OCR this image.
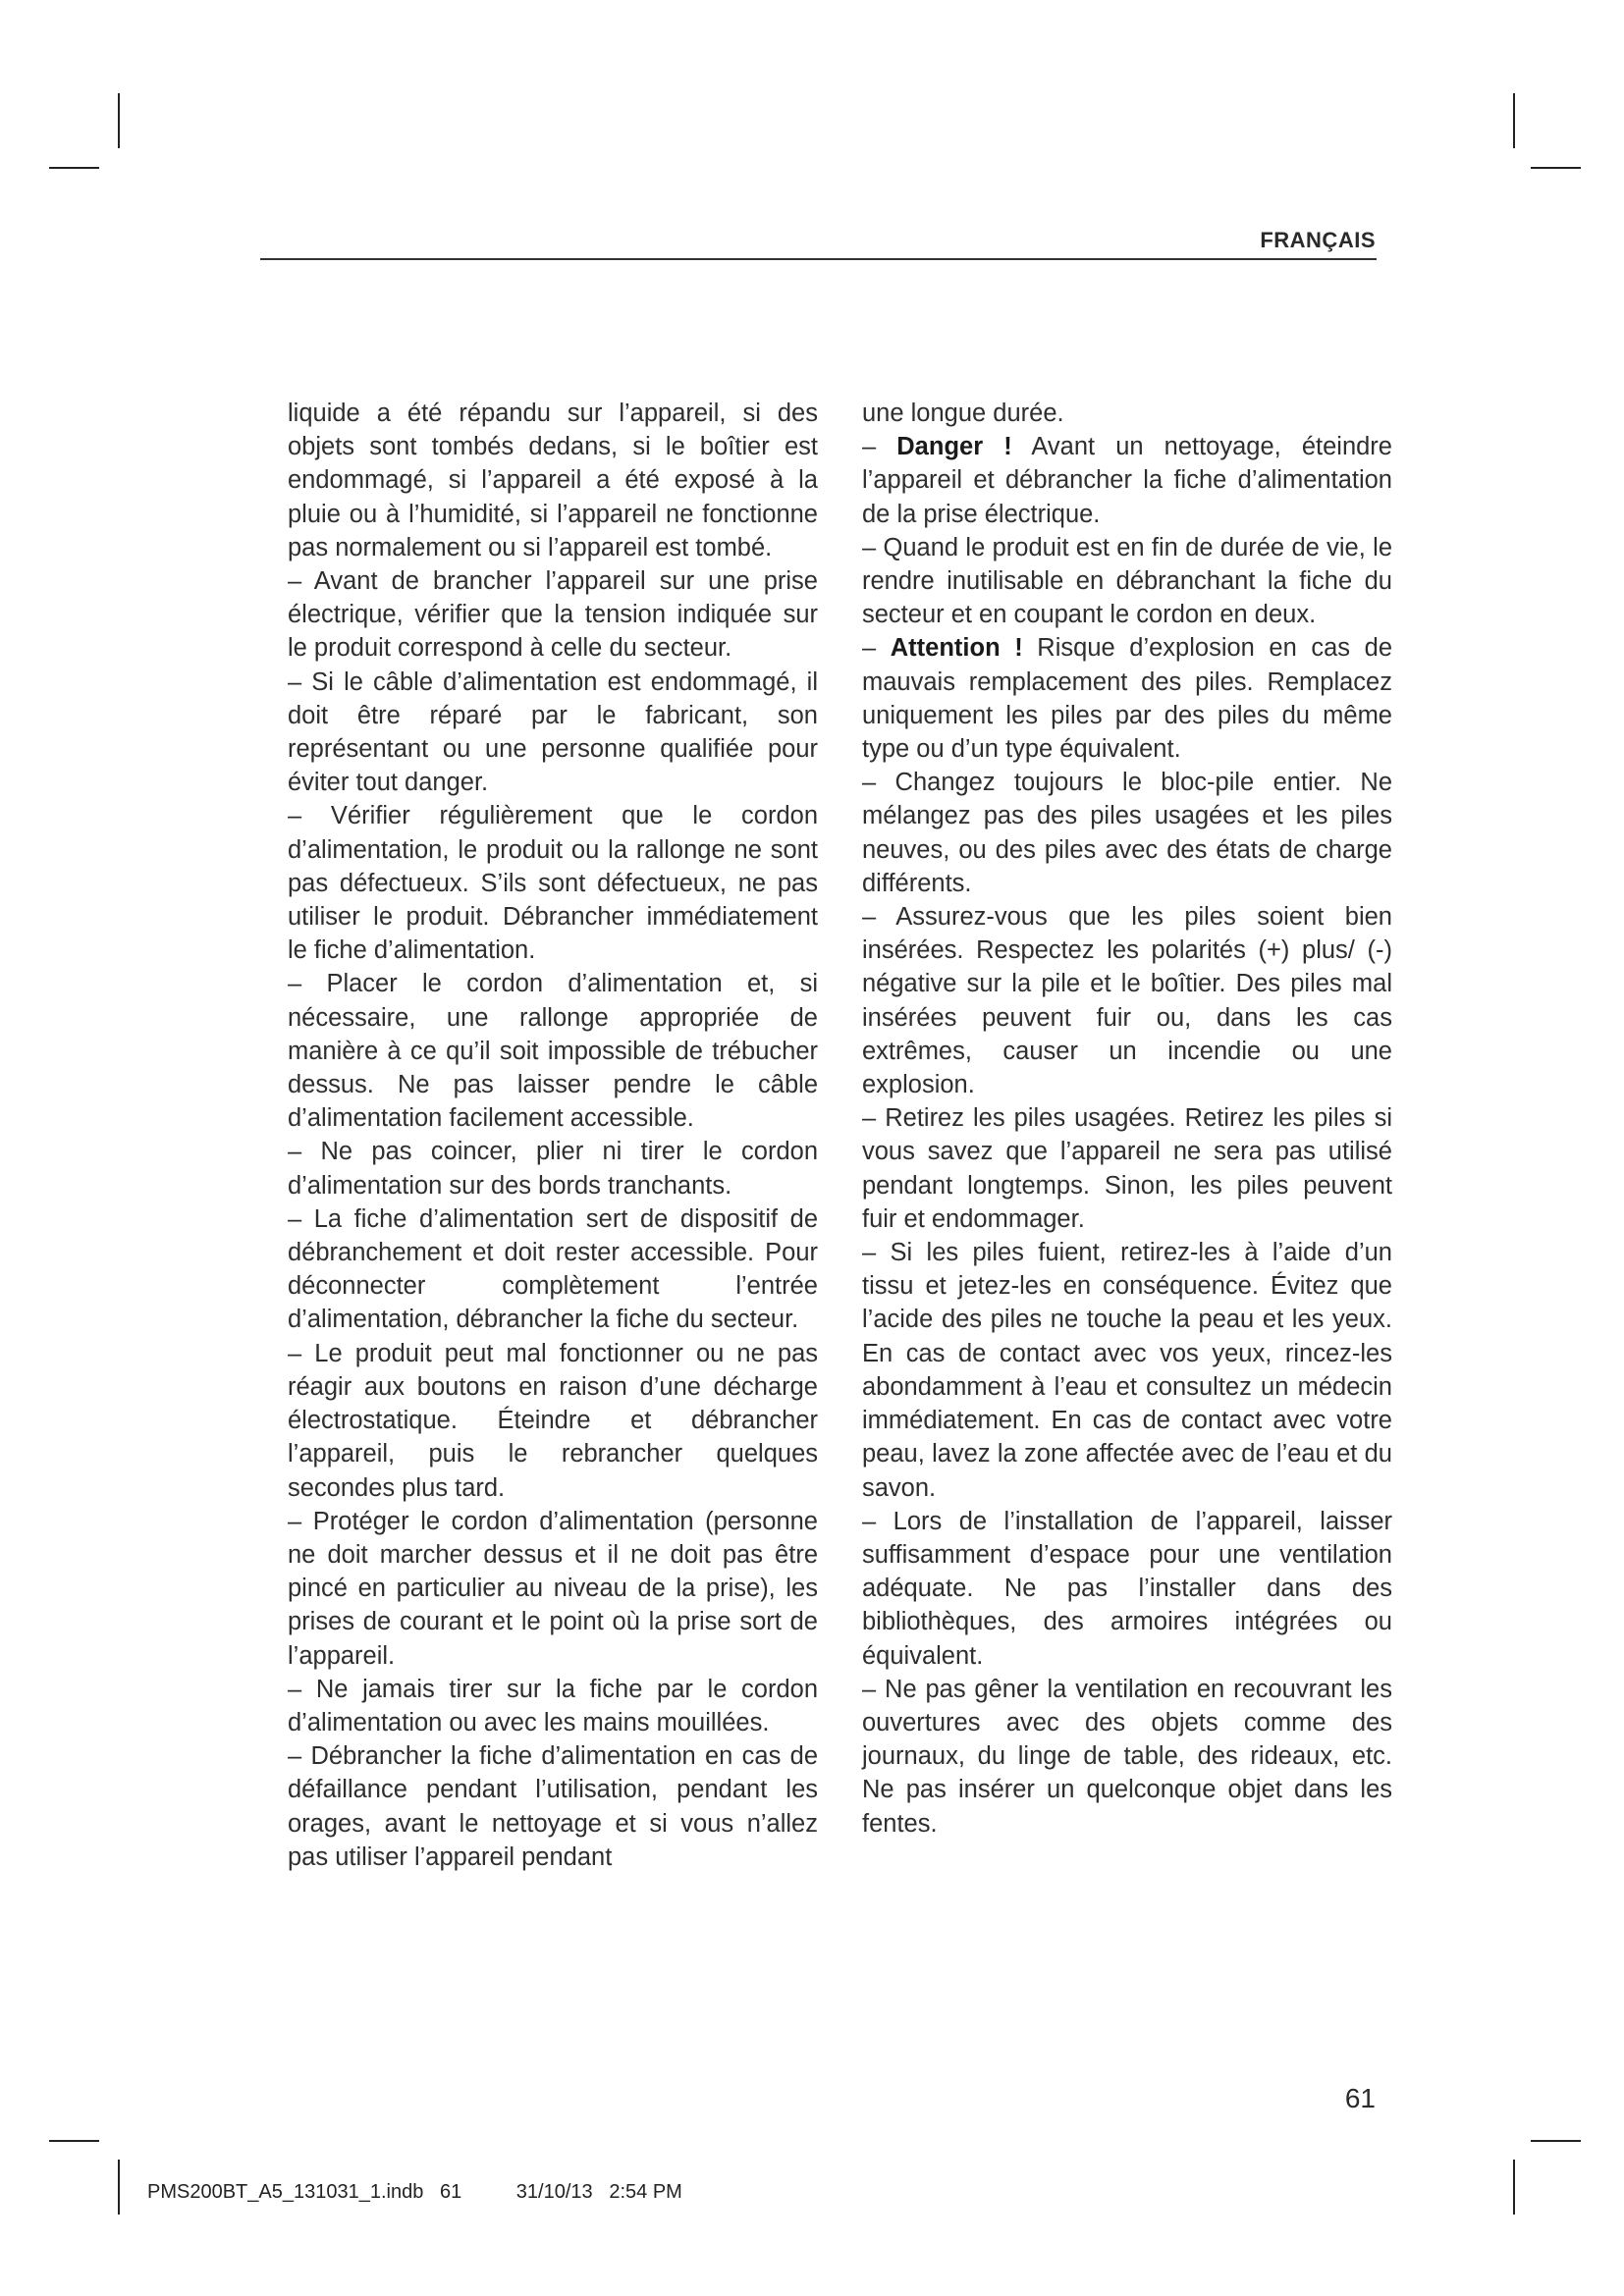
FRANÇAIS

liquide a été répandu sur l’appareil, si des objets sont tombés dedans, si le boîtier est endommagé, si l’appareil a été exposé à la pluie ou à l’humidité, si l’appareil ne fonctionne pas normalement ou si l’appareil est tombé.

– Avant de brancher l’appareil sur une prise électrique, vérifier que la tension indiquée sur le produit correspond à celle du secteur.

– Si le câble d’alimentation est endommagé, il doit être réparé par le fabricant, son représentant ou une personne qualifiée pour éviter tout danger.

– Vérifier régulièrement que le cordon d’alimentation, le produit ou la rallonge ne sont pas défectueux. S’ils sont défectueux, ne pas utiliser le produit. Débrancher immédiatement le fiche d’alimentation.

– Placer le cordon d’alimentation et, si nécessaire, une rallonge appropriée de manière à ce qu’il soit impossible de trébucher dessus. Ne pas laisser pendre le câble d’alimentation facilement accessible.

– Ne pas coincer, plier ni tirer le cordon d’alimentation sur des bords tranchants.

– La fiche d’alimentation sert de dispositif de débranchement et doit rester accessible. Pour déconnecter complètement l’entrée d’alimentation, débrancher la fiche du secteur.

– Le produit peut mal fonctionner ou ne pas réagir aux boutons en raison d’une décharge électrostatique. Éteindre et débrancher l’appareil, puis le rebrancher quelques secondes plus tard.

– Protéger le cordon d’alimentation (personne ne doit marcher dessus et il ne doit pas être pincé en particulier au niveau de la prise), les prises de courant et le point où la prise sort de l’appareil.

– Ne jamais tirer sur la fiche par le cordon d’alimentation ou avec les mains mouillées.

– Débrancher la fiche d’alimentation en cas de défaillance pendant l’utilisation, pendant les orages, avant le nettoyage et si vous n’allez pas utiliser l’appareil pendant

une longue durée.

– Danger ! Avant un nettoyage, éteindre l’appareil et débrancher la fiche d’alimentation de la prise électrique.

– Quand le produit est en fin de durée de vie, le rendre inutilisable en débranchant la fiche du secteur et en coupant le cordon en deux.

– Attention ! Risque d’explosion en cas de mauvais remplacement des piles. Remplacez uniquement les piles par des piles du même type ou d’un type équivalent.

– Changez toujours le bloc-pile entier. Ne mélangez pas des piles usagées et les piles neuves, ou des piles avec des états de charge différents.

– Assurez-vous que les piles soient bien insérées. Respectez les polarités (+) plus/ (-) négative sur la pile et le boîtier. Des piles mal insérées peuvent fuir ou, dans les cas extrêmes, causer un incendie ou une explosion.

– Retirez les piles usagées. Retirez les piles si vous savez que l’appareil ne sera pas utilisé pendant longtemps. Sinon, les piles peuvent fuir et endommager.

– Si les piles fuient, retirez-les à l’aide d’un tissu et jetez-les en conséquence. Évitez que l’acide des piles ne touche la peau et les yeux. En cas de contact avec vos yeux, rincez-les abondamment à l’eau et consultez un médecin immédiatement. En cas de contact avec votre peau, lavez la zone affectée avec de l’eau et du savon.

– Lors de l’installation de l’appareil, laisser suffisamment d’espace pour une ventilation adéquate. Ne pas l’installer dans des bibliothèques, des armoires intégrées ou équivalent.

– Ne pas gêner la ventilation en recouvrant les ouvertures avec des objets comme des journaux, du linge de table, des rideaux, etc. Ne pas insérer un quelconque objet dans les fentes.

61
PMS200BT_A5_131031_1.indb   61          31/10/13   2:54 PM
